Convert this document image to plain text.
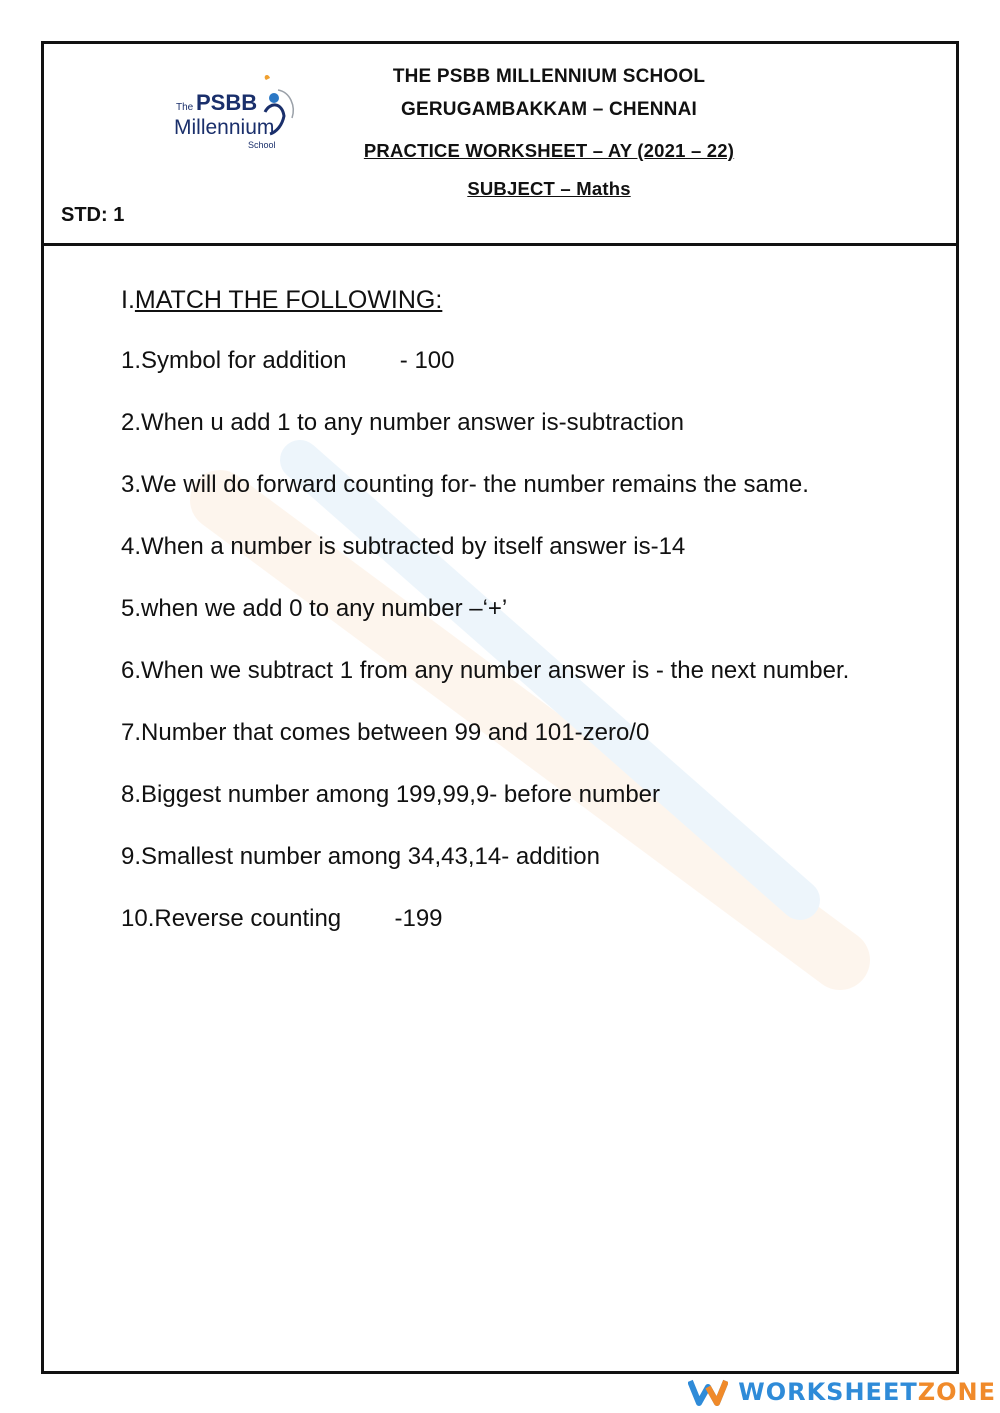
The PSBB
Millennium
School
STD: 1
THE PSBB MILLENNIUM SCHOOL
GERUGAMBAKKAM – CHENNAI
PRACTICE WORKSHEET – AY (2021 – 22)
SUBJECT – Maths
I.MATCH THE FOLLOWING:
1.Symbol for addition        - 100
2.When u add 1 to any number answer is-subtraction
3.We will do forward counting for- the number remains the same.
4.When a number is subtracted by itself answer is-14
5.when we add 0 to any number –‘+’
6.When we subtract 1 from any number answer is - the next number.
7.Number that comes between 99 and 101-zero/0
8.Biggest number among 199,99,9- before number
9.Smallest number among 34,43,14- addition
10.Reverse counting        -199
WORKSHEETZONE
